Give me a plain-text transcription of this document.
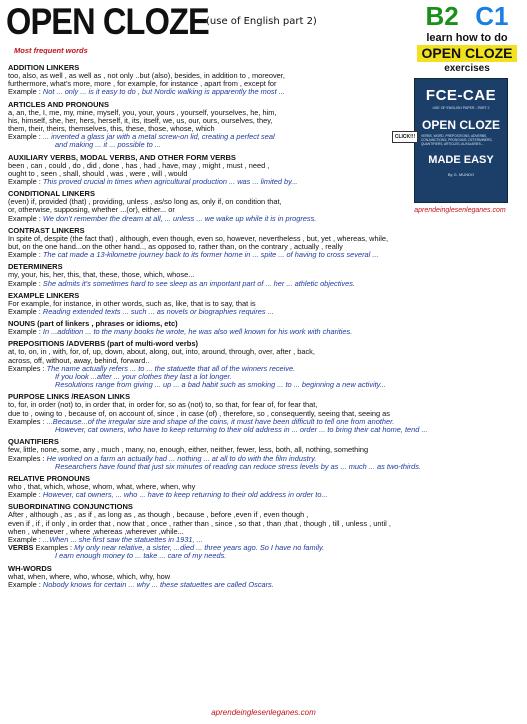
OPEN CLOZE
(use of English part 2)
Most frequent words
B2 C1
learn how to do
OPEN CLOZE
exercises
CLICK!!!
FCE-CAE
USE OF ENGLISH PAPER - PART 2
OPEN CLOZE
VERBS, WORD, PREPOSITIONS, ADVERBS, CONJUNCTIONS, PRONOUNS, DETERMINERS, QUANTIFIERS, ARTICLES, AUXILIARIES...
MADE EASY
By G. MUNDO
aprendeinglesenleganes.com

ADDITION LINKERS

too, also, as well , as well as , not only ..but (also), besides, in addition to , moreover,

furthermore, what’s more, more , for example, for instance , apart from , except for

Example : Not ... only ... is it easy to do , but Nordic walking is apparently the most ...

ARTICLES AND PRONOUNS

a, an, the, I, me, my, mine, myself, you, your, yours , yourself, yourselves, he, him,

his, himself, she, her, hers, herself, it, its, itself, we, us, our, ours, ourselves, they,

them, their, theirs, themselves, this, these, those, whose, which

Example : ... invented a glass jar with a metal screw-on lid, creating a perfect seal

and making ... it ... possible to ...

AUXILIARY VERBS, MODAL VERBS, AND OTHER FORM VERBS

been , can , could , do , did , done , has , had , have, may , might , must , need ,

ought to , seen , shall, should , was , were , will , would

Example : This proved crucial in times when agricultural production ... was ... limited by...

CONDITIONAL LINKERS

(even) if, provided (that) , providing, unless , as/so long as, only if, on condition that,

or, otherwise, supposing, whether ...(or), either... or

Example : We don’t remember the dream at all, ... unless ... we wake up while it is in progress.

CONTRAST LINKERS

In spite of, despite (the fact that) , although, even though, even so, however, nevertheless , but, yet , whereas, while,

but, on the one hand...on the other hand.., as opposed to, rather than, on the contrary , actually , really

Example : The cat made a 13-kilometre journey back to its former home in ... spite ... of having to cross several ...

DETERMINERS

my, your, his, her, this, that, these, those, which, whose...

Example : She admits it’s sometimes hard to see sleep as an important part of ... her ... athletic objectives.

EXAMPLE LINKERS

For example, for instance, in other words, such as, like, that is to say, that is

Example : Reading extended texts ... such ... as novels or biographies requires ...

NOUNS (part of linkers , phrases or idioms, etc)

Example : In ...addition ... to the many books he wrote, he was also well known for his work with charities.

PREPOSITIONS /ADVERBS (part of multi-word verbs)

at, to, on, in , with, for, of, up, down, about, along, out, into, around, through, over, after , back,

across, off, without, away, behind, forward..

Examples : The name actually refers ... to ... the statuette that all of the winners receive.

If you look ...after ... your clothes they last a lot longer.

Resolutions range from giving ... up ... a bad habit such as smoking ... to ... beginning a new activity...

PURPOSE LINKS /REASON LINKS

to, for, in order (not) to, in order that, in order for, so as (not) to, so that, for fear of, for fear that,

due to , owing to , because of, on account of, since , in case (of) , therefore, so , consequently, seeing that, seeing as

Examples : ...Because...of the irregular size and shape of the coins, it must have been difficult to tell one from another.

However, cat owners, who have to keep returning to their old address in ... order ... to bring their cat home, tend ...

QUANTIFIERS

few, little, none, some, any , much , many, no, enough, either, neither, fewer, less, both, all, nothing, something

Examples : He worked on a farm an actually had ... nothing ... at all to do with the film industry.

Researchers have found that just six minutes of reading can reduce stress levels by as ... much ... as two-thirds.

RELATIVE PRONOUNS

who , that, which, whose, whom, what, where, when, why

Example : However, cat owners, ... who ... have to keep returning to their old address in order to...

SUBORDINATING CONJUNCTIONS

After , although , as , as if , as long as , as though , because , before ,even if , even though ,

even if , if , if only , in order that , now that , once , rather than , since , so that , than ,that , though , till , unless , until ,

when , whenever , where ,whereas ,wherever ,while...

Example : ...When ... she first saw the statuettes in 1931, ...

VERBS Examples : My only near relative, a sister, ...died ... three years ago. So I have no family.

I earn enough money to ... take ... care of my needs.

WH-WORDS

what, when, where, who, whose, which, why, how

Example : Nobody knows for certain ... why ... these statuettes are called Oscars.

aprendeinglesenleganes.com
